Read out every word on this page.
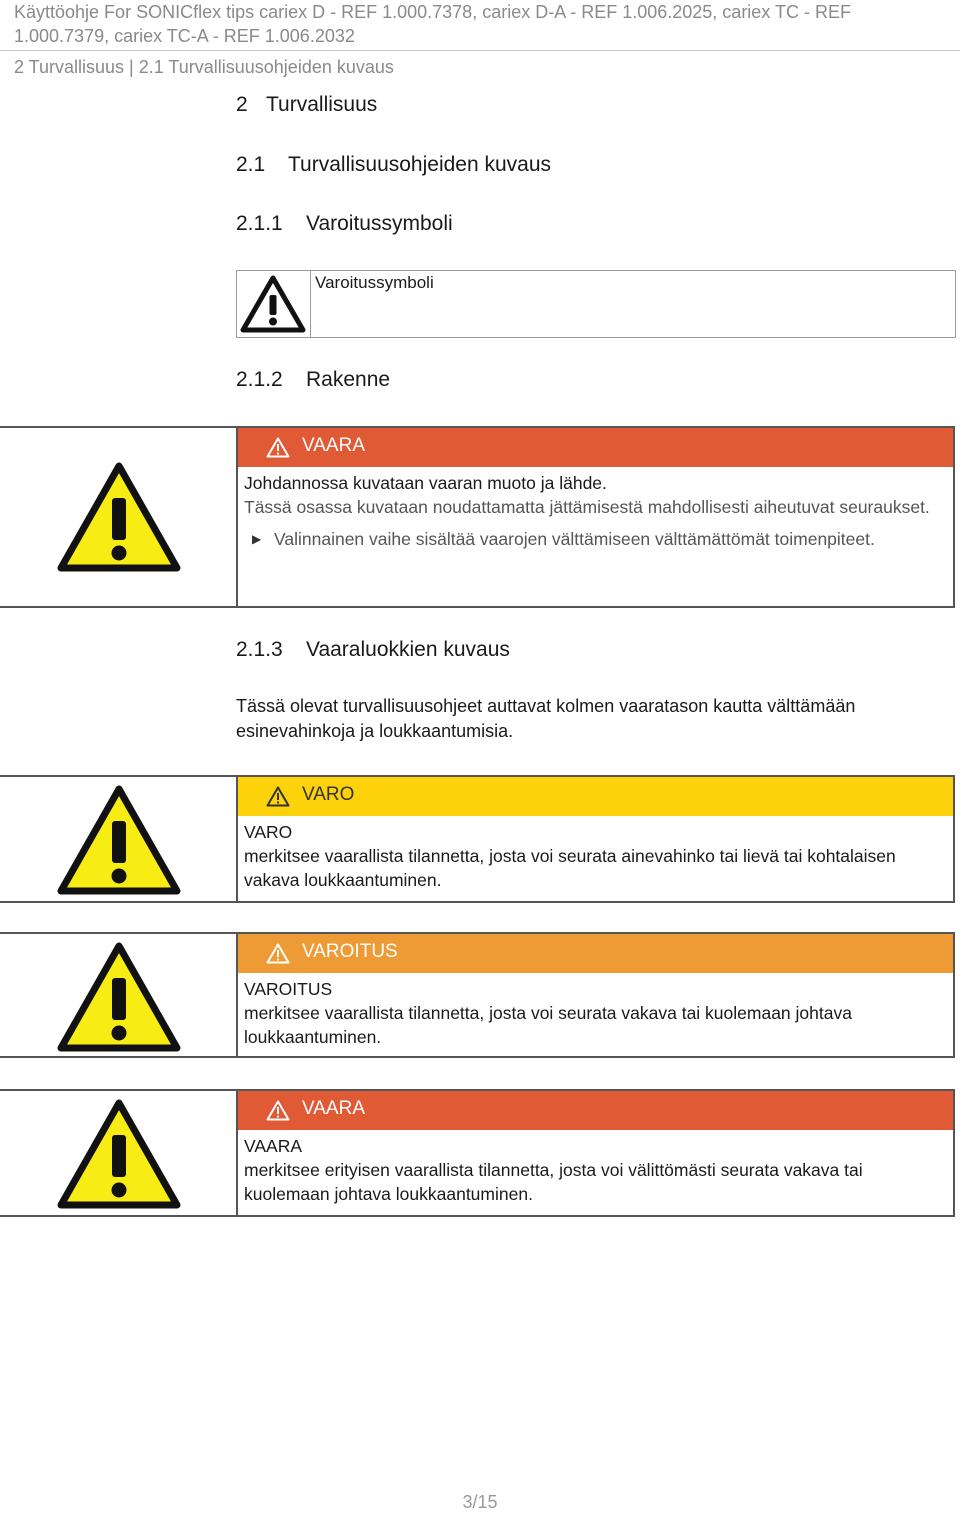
Käyttöohje For SONICflex tips cariex D - REF 1.000.7378, cariex D-A - REF 1.006.2025, cariex TC - REF
1.000.7379, cariex TC-A - REF 1.006.2032
2 Turvallisuus | 2.1 Turvallisuusohjeiden kuvaus
2 Turvallisuus
2.1 Turvallisuusohjeiden kuvaus
2.1.1 Varoitussymboli
Varoitussymboli
2.1.2 Rakenne
VAARA
Johdannossa kuvataan vaaran muoto ja lähde.
Tässä osassa kuvataan noudattamatta jättämisestä mahdollisesti aiheutuvat seuraukset.
▶ Valinnainen vaihe sisältää vaarojen välttämiseen välttämättömät toimenpiteet.
2.1.3 Vaaraluokkien kuvaus
Tässä olevat turvallisuusohjeet auttavat kolmen vaaratason kautta välttämään esinevahinkoja ja loukkaantumisia.
VARO
VARO
merkitsee vaarallista tilannetta, josta voi seurata ainevahinko tai lievä tai kohtalaisen vakava loukkaantuminen.
VAROITUS
VAROITUS
merkitsee vaarallista tilannetta, josta voi seurata vakava tai kuolemaan johtava loukkaantuminen.
VAARA
VAARA
merkitsee erityisen vaarallista tilannetta, josta voi välittömästi seurata vakava tai kuolemaan johtava loukkaantuminen.
3/15
